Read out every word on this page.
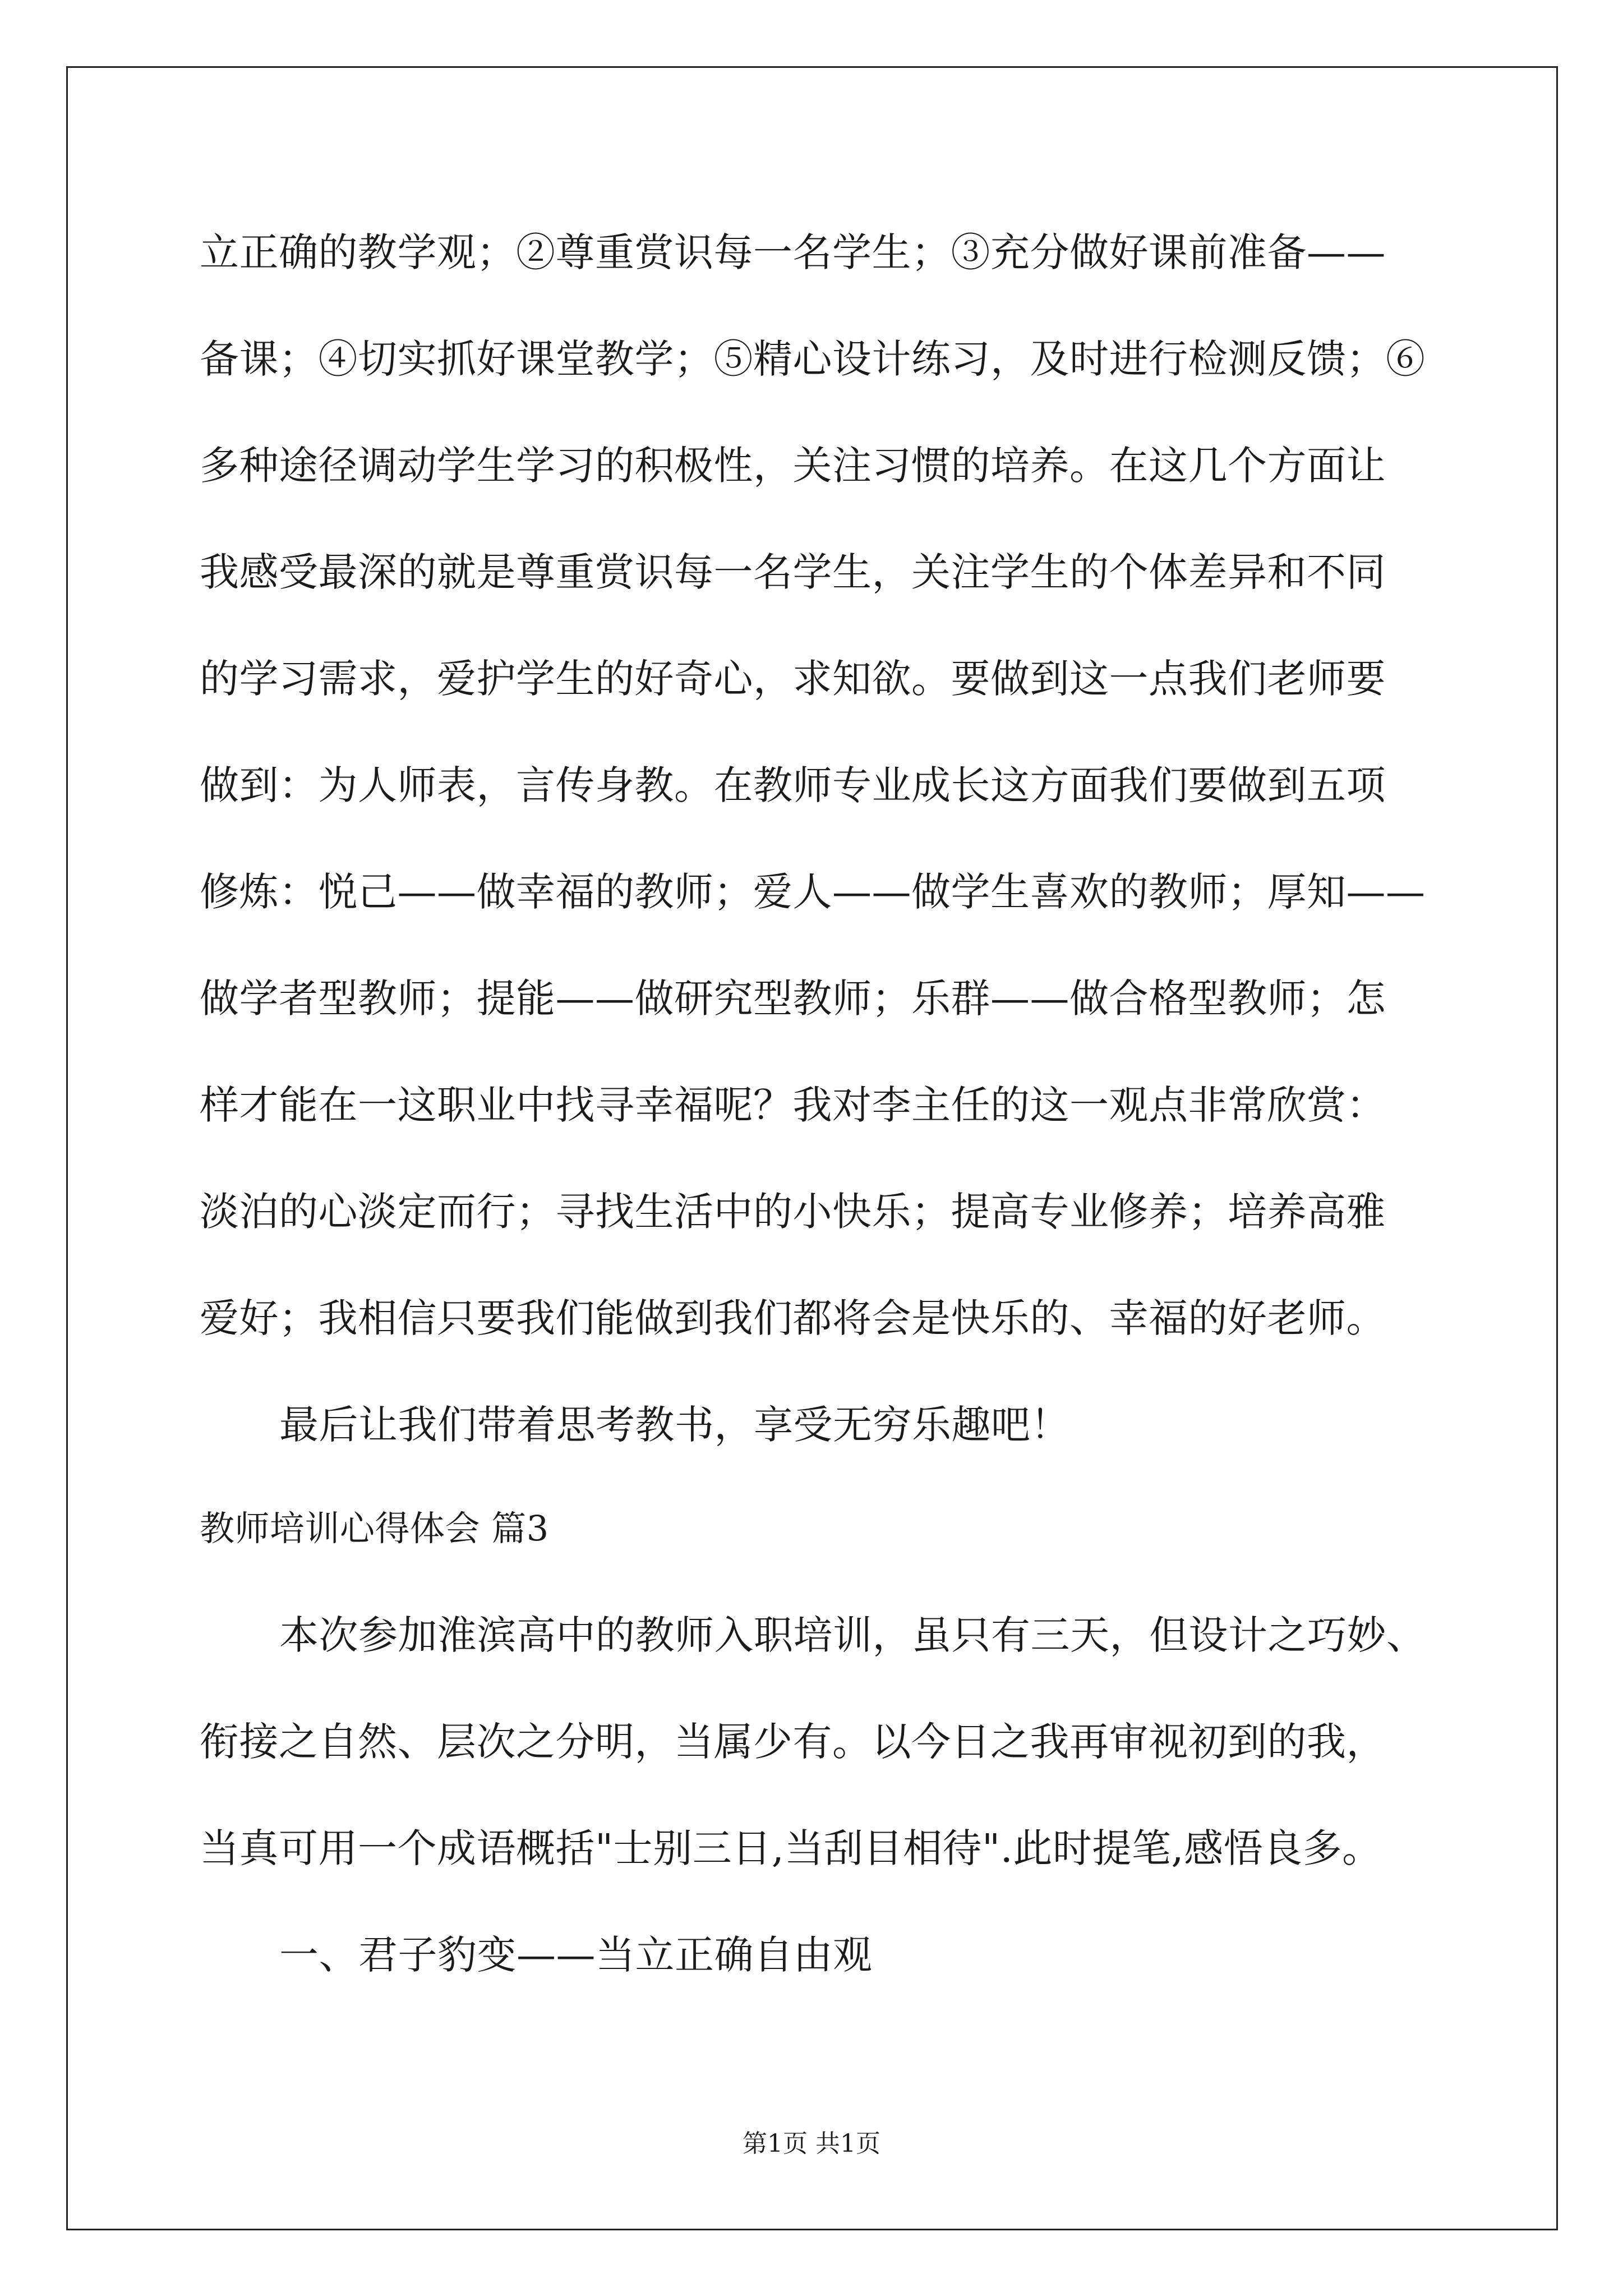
立正确的教学观；②尊重赏识每一名学生；③充分做好课前准备——
备课；④切实抓好课堂教学；⑤精心设计练习，及时进行检测反馈；⑥
多种途径调动学生学习的积极性，关注习惯的培养。在这几个方面让
我感受最深的就是尊重赏识每一名学生，关注学生的个体差异和不同
的学习需求，爱护学生的好奇心，求知欲。要做到这一点我们老师要
做到：为人师表，言传身教。在教师专业成长这方面我们要做到五项
修炼：悦己——做幸福的教师；爱人——做学生喜欢的教师；厚知——
做学者型教师；提能——做研究型教师；乐群——做合格型教师；怎
样才能在一这职业中找寻幸福呢？我对李主任的这一观点非常欣赏：
淡泊的心淡定而行；寻找生活中的小快乐；提高专业修养；培养高雅
爱好；我相信只要我们能做到我们都将会是快乐的、幸福的好老师。
最后让我们带着思考教书，享受无穷乐趣吧！
教师培训心得体会 篇3
本次参加淮滨高中的教师入职培训，虽只有三天，但设计之巧妙、
衔接之自然、层次之分明，当属少有。以今日之我再审视初到的我，
当真可用一个成语概括"士别三日,当刮目相待".此时提笔,感悟良多。
一、君子豹变——当立正确自由观
第1页 共1页
